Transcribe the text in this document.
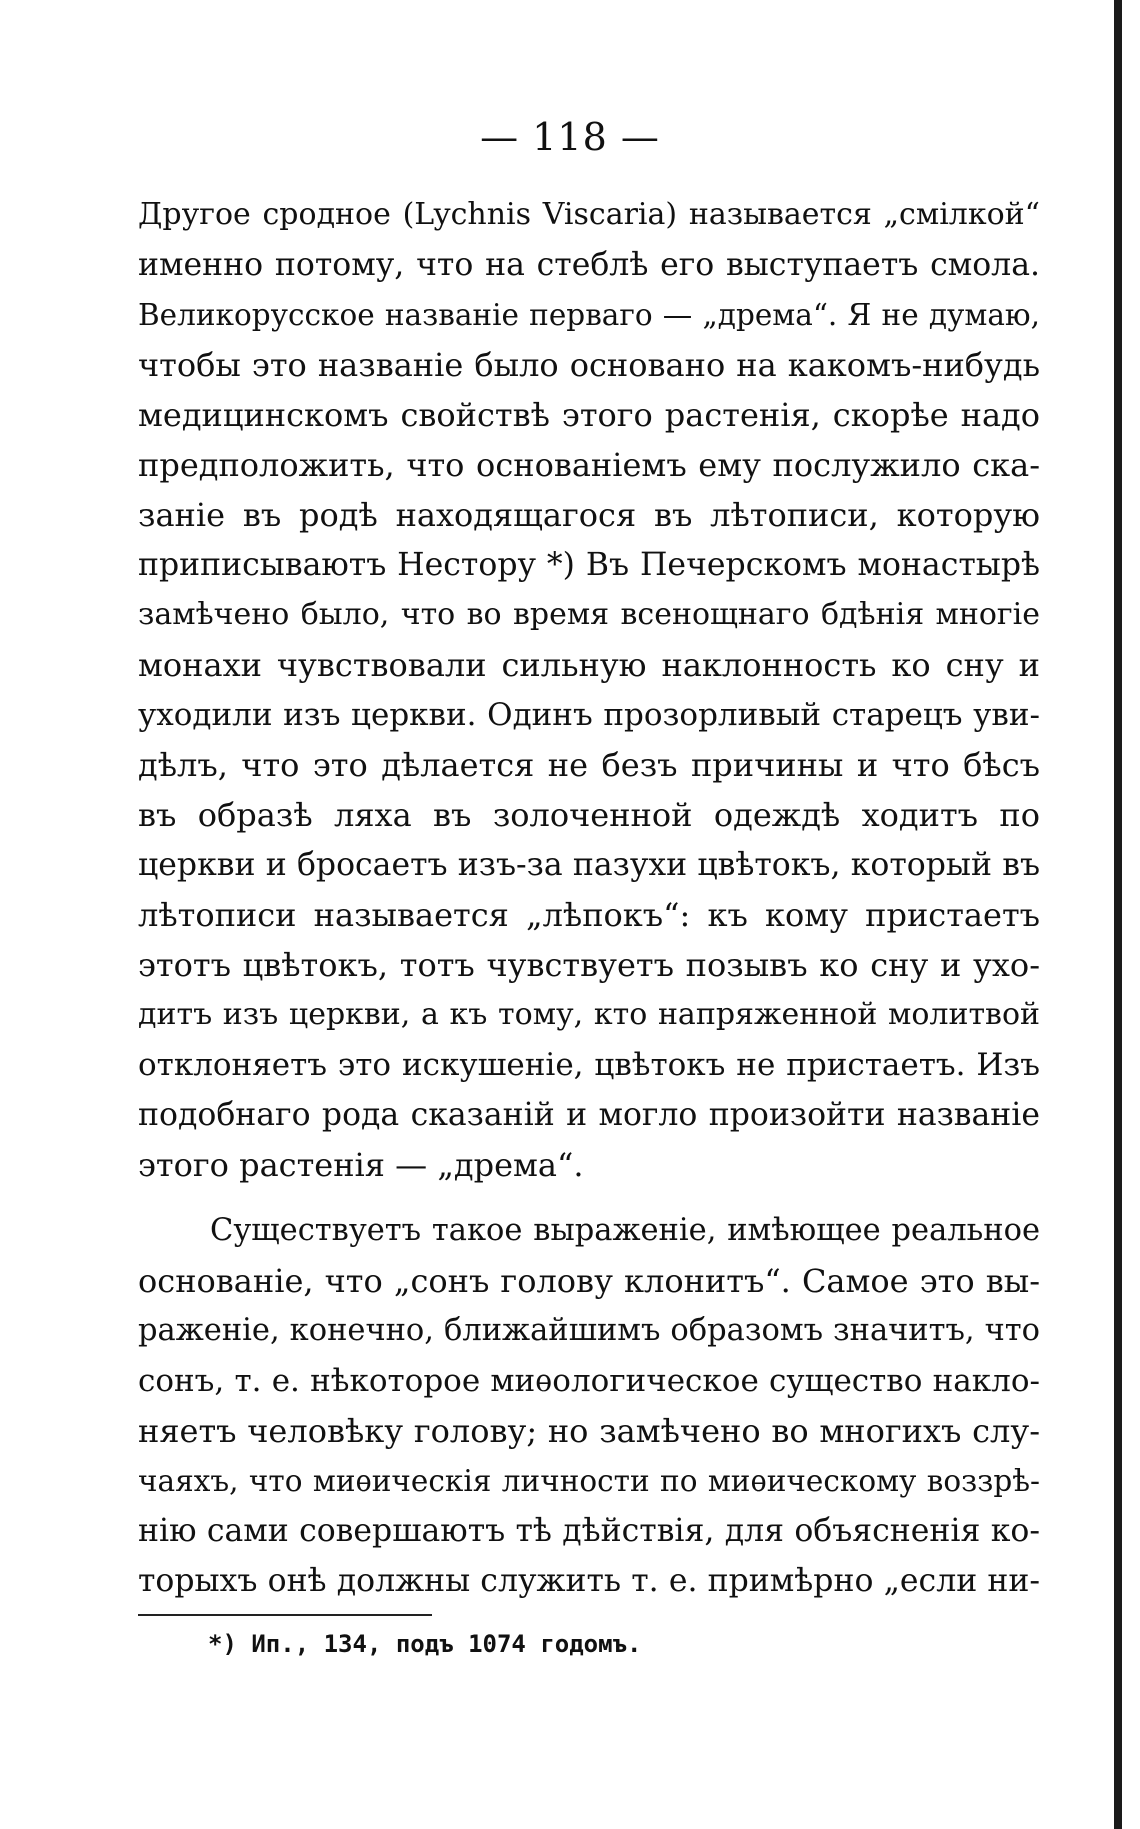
— 118 —
Другое сродное (Lychnis Viscaria) называется „смілкой“
именно потому, что на стеблѣ его выступаетъ смола.
Великорусское названіе перваго — „дрема“. Я не думаю,
чтобы это названіе было основано на какомъ-нибудь
медицинскомъ свойствѣ этого растенія, скорѣе надо
предположить, что основаніемъ ему послужило ска-
заніе въ родѣ находящагося въ лѣтописи, которую
приписываютъ Нестору *) Въ Печерскомъ монастырѣ
замѣчено было, что во время всенощнаго бдѣнія многіе
монахи чувствовали сильную наклонность ко сну и
уходили изъ церкви. Одинъ прозорливый старецъ уви-
дѣлъ, что это дѣлается не безъ причины и что бѣсъ
въ образѣ ляха въ золоченной одеждѣ ходитъ по
церкви и бросаетъ изъ-за пазухи цвѣтокъ, который въ
лѣтописи называется „лѣпокъ“: къ кому пристаетъ
этотъ цвѣтокъ, тотъ чувствуетъ позывъ ко сну и ухо-
дитъ изъ церкви, а къ тому, кто напряженной молитвой
отклоняетъ это искушеніе, цвѣтокъ не пристаетъ. Изъ
подобнаго рода сказаній и могло произойти названіе
этого растенія — „дрема“.
Существуетъ такое выраженіе, имѣющее реальное
основаніе, что „сонъ голову клонитъ“. Самое это вы-
раженіе, конечно, ближайшимъ образомъ значитъ, что
сонъ, т. е. нѣкоторое миѳологическое существо накло-
няетъ человѣку голову; но замѣчено во многихъ слу-
чаяхъ, что миѳическія личности по миѳическому воззрѣ-
нію сами совершаютъ тѣ дѣйствія, для объясненія ко-
торыхъ онѣ должны служить т. е. примѣрно „если ни-
*) Ип., 134, подъ 1074 годомъ.
